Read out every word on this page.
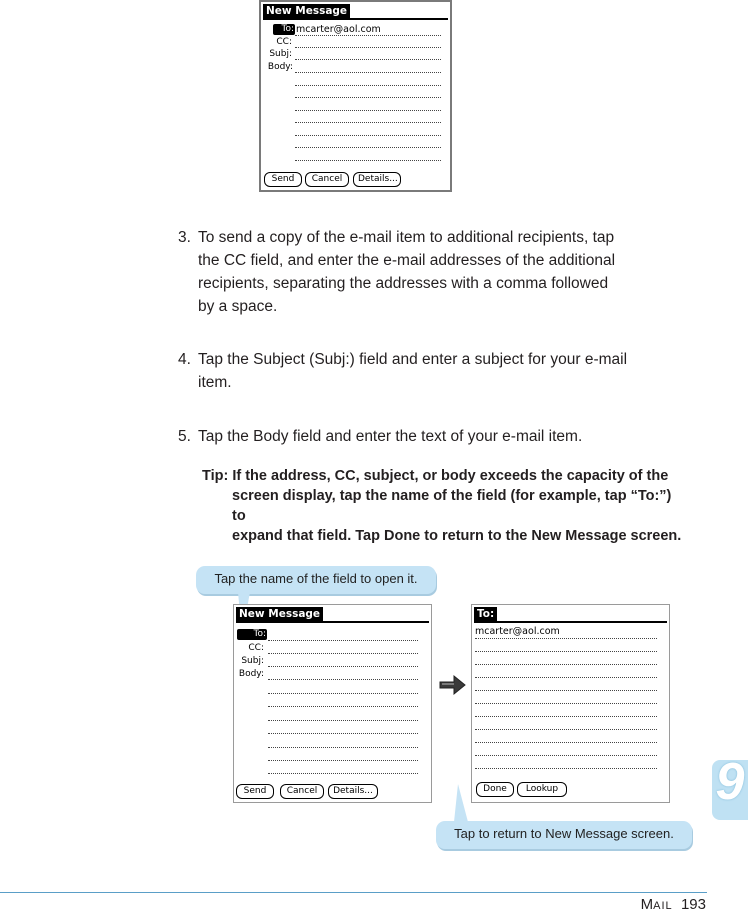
New Message
To: mcarter@aol.com
CC:
Subj:
Body:
Send	Cancel	Details...
3. To send a copy of the e-mail item to additional recipients, tap
the CC field, and enter the e-mail addresses of the additional
recipients, separating the addresses with a comma followed
by a space.
4. Tap the Subject (Subj:) field and enter a subject for your e-mail
item.
5. Tap the Body field and enter the text of your e-mail item.
Tip: If the address, CC, subject, or body exceeds the capacity of the
screen display, tap the name of the field (for example, tap “To:”) to
expand that field. Tap Done to return to the New Message screen.
Tap the name of the field to open it.
New Message
To:
CC:
Subj:
Body:
Send	Cancel	Details...
To:
mcarter@aol.com
Done	Lookup
Tap to return to New Message screen.
9
MAIL 193
